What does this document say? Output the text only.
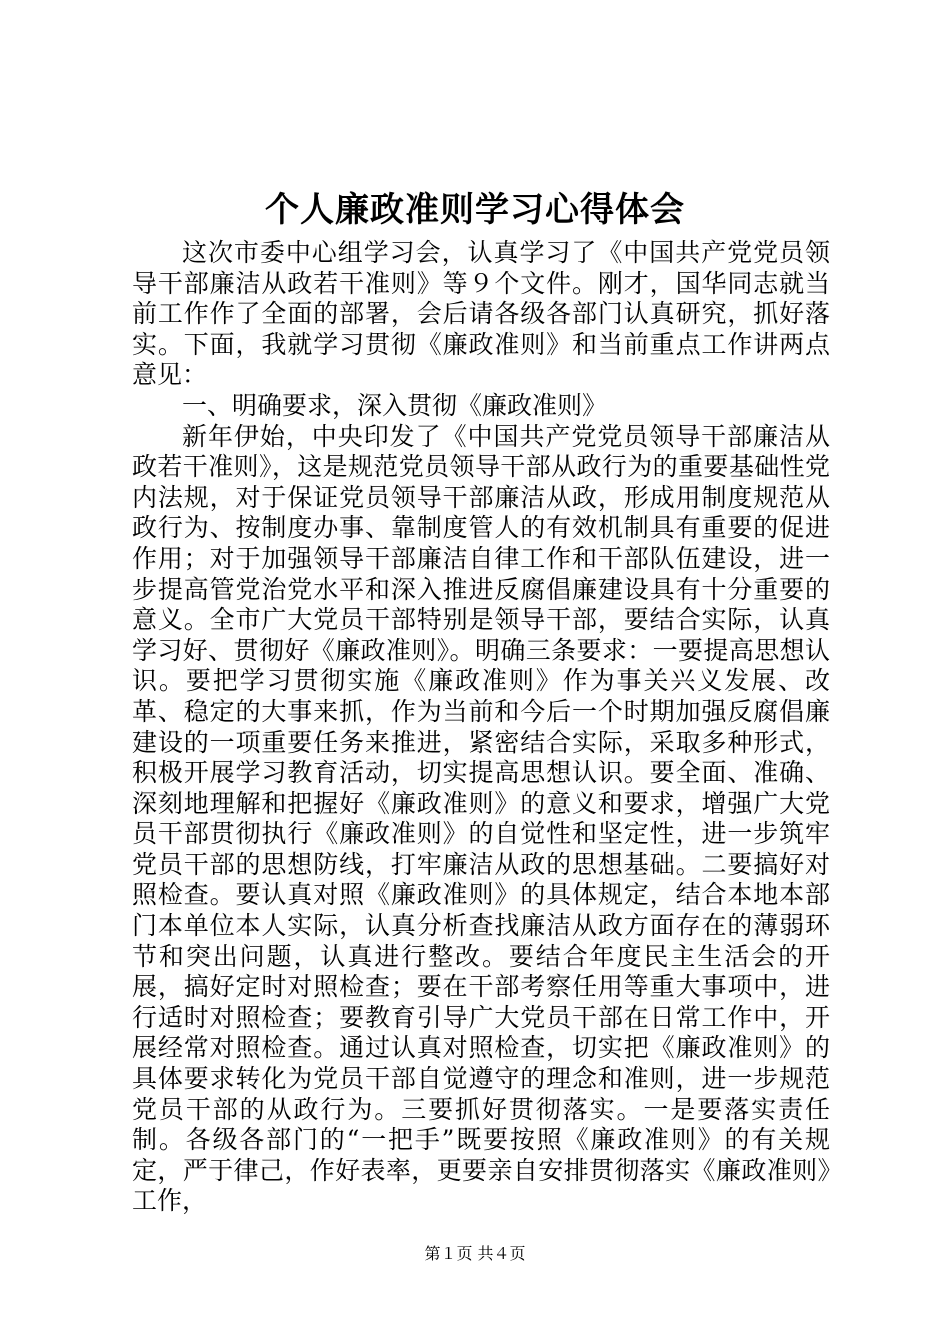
个人廉政准则学习心得体会

这次市委中心组学习会，认真学习了《中国共产党党员领导干部廉洁从政若干准则》等９个文件。刚才，国华同志就当前工作作了全面的部署，会后请各级各部门认真研究，抓好落实。下面，我就学习贯彻《廉政准则》和当前重点工作讲两点意见：

一、明确要求，深入贯彻《廉政准则》

新年伊始，中央印发了《中国共产党党员领导干部廉洁从政若干准则》，这是规范党员领导干部从政行为的重要基础性党内法规，对于保证党员领导干部廉洁从政，形成用制度规范从政行为、按制度办事、靠制度管人的有效机制具有重要的促进作用；对于加强领导干部廉洁自律工作和干部队伍建设，进一步提高管党治党水平和深入推进反腐倡廉建设具有十分重要的意义。全市广大党员干部特别是领导干部，要结合实际，认真学习好、贯彻好《廉政准则》。明确三条要求：一要提高思想认识。要把学习贯彻实施《廉政准则》作为事关兴义发展、改革、稳定的大事来抓，作为当前和今后一个时期加强反腐倡廉建设的一项重要任务来推进，紧密结合实际，采取多种形式，积极开展学习教育活动，切实提高思想认识。要全面、准确、深刻地理解和把握好《廉政准则》的意义和要求，增强广大党员干部贯彻执行《廉政准则》的自觉性和坚定性，进一步筑牢党员干部的思想防线，打牢廉洁从政的思想基础。二要搞好对照检查。要认真对照《廉政准则》的具体规定，结合本地本部门本单位本人实际，认真分析查找廉洁从政方面存在的薄弱环节和突出问题，认真进行整改。要结合年度民主生活会的开展，搞好定时对照检查；要在干部考察任用等重大事项中，进行适时对照检查；要教育引导广大党员干部在日常工作中，开展经常对照检查。通过认真对照检查，切实把《廉政准则》的具体要求转化为党员干部自觉遵守的理念和准则，进一步规范党员干部的从政行为。三要抓好贯彻落实。一是要落实责任制。各级各部门的“一把手”既要按照《廉政准则》的有关规定，严于律己，作好表率，更要亲自安排贯彻落实《廉政准则》工作，

第１页 共４页
